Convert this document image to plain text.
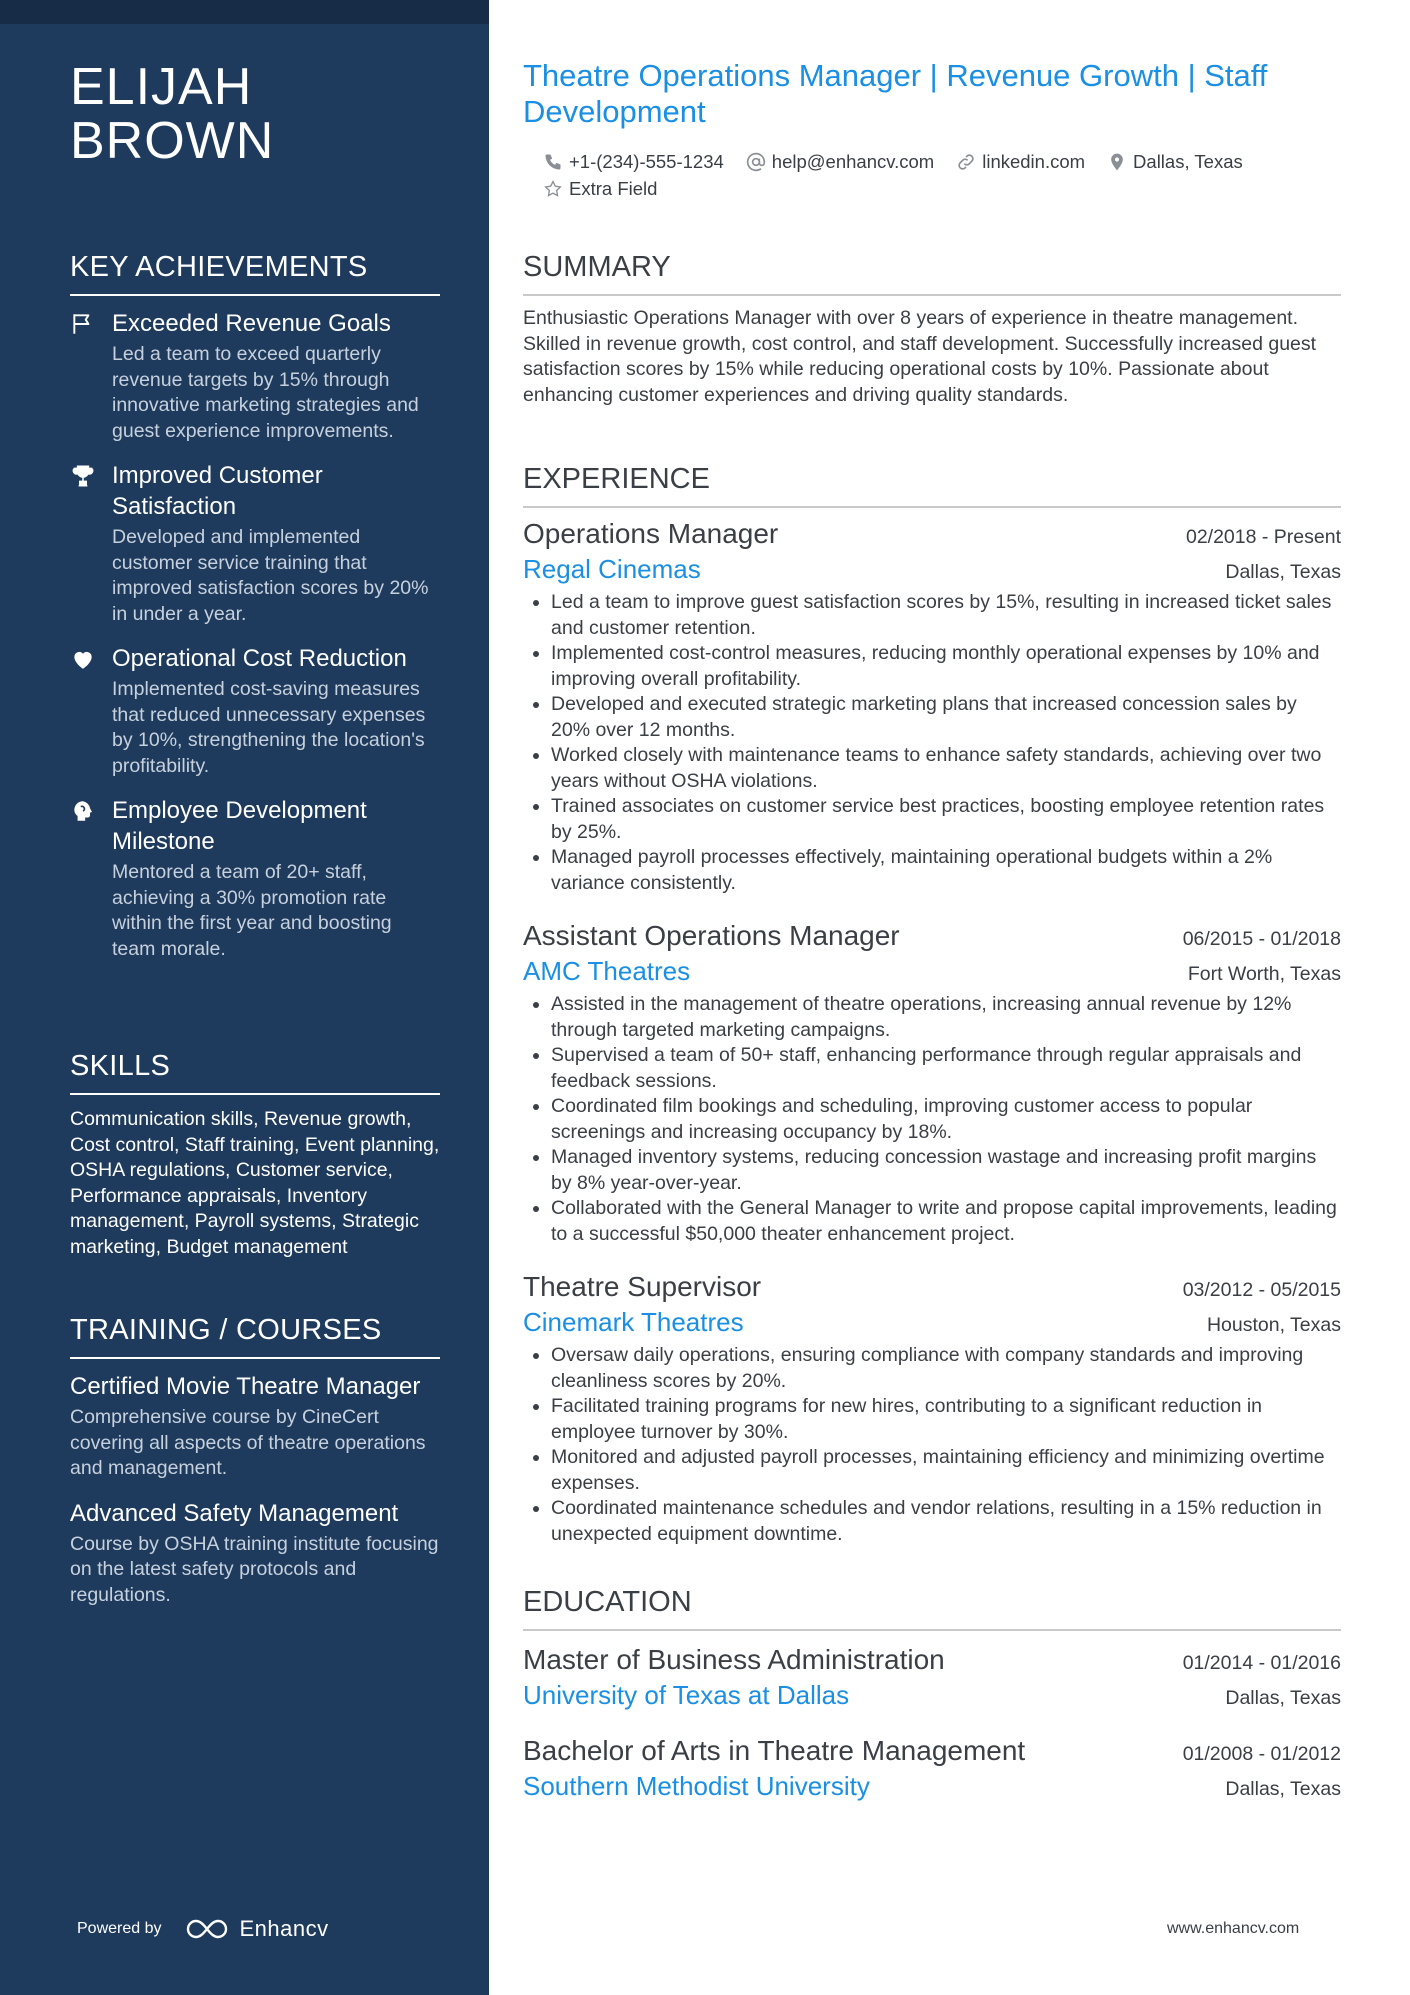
ELIJAH BROWN
KEY ACHIEVEMENTS
Exceeded Revenue Goals
Led a team to exceed quarterly revenue targets by 15% through innovative marketing strategies and guest experience improvements.
Improved Customer Satisfaction
Developed and implemented customer service training that improved satisfaction scores by 20% in under a year.
Operational Cost Reduction
Implemented cost-saving measures that reduced unnecessary expenses by 10%, strengthening the location's profitability.
Employee Development Milestone
Mentored a team of 20+ staff, achieving a 30% promotion rate within the first year and boosting team morale.
SKILLS
Communication skills, Revenue growth, Cost control, Staff training, Event planning, OSHA regulations, Customer service, Performance appraisals, Inventory management, Payroll systems, Strategic marketing, Budget management
TRAINING / COURSES
Certified Movie Theatre Manager
Comprehensive course by CineCert covering all aspects of theatre operations and management.
Advanced Safety Management
Course by OSHA training institute focusing on the latest safety protocols and regulations.
Powered by	Enhancv
Theatre Operations Manager | Revenue Growth | Staff Development
+1-(234)-555-1234	help@enhancv.com	linkedin.com	Dallas, Texas
Extra Field
SUMMARY
Enthusiastic Operations Manager with over 8 years of experience in theatre management. Skilled in revenue growth, cost control, and staff development. Successfully increased guest satisfaction scores by 15% while reducing operational costs by 10%. Passionate about enhancing customer experiences and driving quality standards.
EXPERIENCE
Operations Manager	02/2018 - Present
Regal Cinemas	Dallas, Texas
• Led a team to improve guest satisfaction scores by 15%, resulting in increased ticket sales and customer retention.
• Implemented cost-control measures, reducing monthly operational expenses by 10% and improving overall profitability.
• Developed and executed strategic marketing plans that increased concession sales by 20% over 12 months.
• Worked closely with maintenance teams to enhance safety standards, achieving over two years without OSHA violations.
• Trained associates on customer service best practices, boosting employee retention rates by 25%.
• Managed payroll processes effectively, maintaining operational budgets within a 2% variance consistently.
Assistant Operations Manager	06/2015 - 01/2018
AMC Theatres	Fort Worth, Texas
• Assisted in the management of theatre operations, increasing annual revenue by 12% through targeted marketing campaigns.
• Supervised a team of 50+ staff, enhancing performance through regular appraisals and feedback sessions.
• Coordinated film bookings and scheduling, improving customer access to popular screenings and increasing occupancy by 18%.
• Managed inventory systems, reducing concession wastage and increasing profit margins by 8% year-over-year.
• Collaborated with the General Manager to write and propose capital improvements, leading to a successful $50,000 theater enhancement project.
Theatre Supervisor	03/2012 - 05/2015
Cinemark Theatres	Houston, Texas
• Oversaw daily operations, ensuring compliance with company standards and improving cleanliness scores by 20%.
• Facilitated training programs for new hires, contributing to a significant reduction in employee turnover by 30%.
• Monitored and adjusted payroll processes, maintaining efficiency and minimizing overtime expenses.
• Coordinated maintenance schedules and vendor relations, resulting in a 15% reduction in unexpected equipment downtime.
EDUCATION
Master of Business Administration	01/2014 - 01/2016
University of Texas at Dallas	Dallas, Texas
Bachelor of Arts in Theatre Management	01/2008 - 01/2012
Southern Methodist University	Dallas, Texas
www.enhancv.com
